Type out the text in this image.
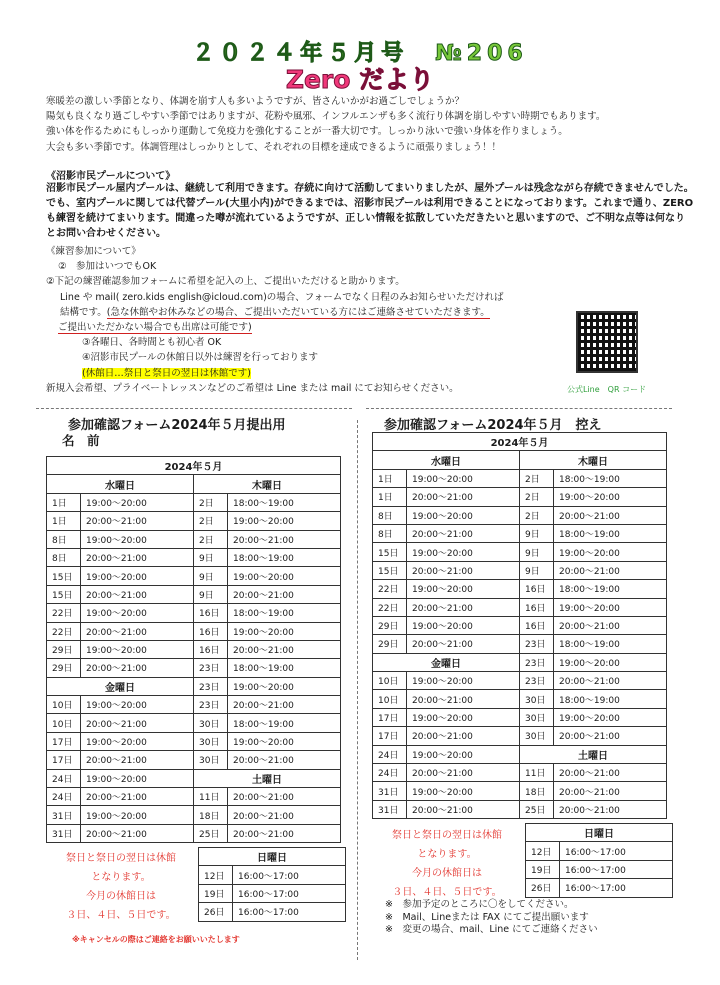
２０２４年５月号　№206
Zero だより
寒暖差の激しい季節となり、体調を崩す人も多いようですが、皆さんいかがお過ごしでしょうか？
陽気も良くなり過ごしやすい季節ではありますが、花粉や風邪、インフルエンザも多く流行り体調を崩しやすい時期でもあります。
強い体を作るためにもしっかり運動して免疫力を強化することが一番大切です。しっかり泳いで強い身体を作りましょう。
大会も多い季節です。体調管理はしっかりとして、それぞれの目標を達成できるように頑張りましょう！！
《沼影市民プールについて》
沼影市民プール屋内プールは、継続して利用できます。存続に向けて活動してまいりましたが、屋外プールは残念ながら存続できませんでした。でも、室内プールに関しては代替プール(大里小内)ができるまでは、沼影市民プールは利用できることになっております。これまで通り、ZERO も練習を続けてまいります。間違った噂が流れているようですが、正しい情報を拡散していただきたいと思いますので、ご不明な点等は何なりとお問い合わせください。
《練習参加について》
②　参加はいつでもOK
②下記の練習確認参加フォームに希望を記入の上、ご提出いただけると助かります。
Line や mail( zero.kids english@icloud.com)の場合、フォームでなく日程のみお知らせいただければ
結構です。(急な休館やお休みなどの場合、ご提出いただいている方にはご連絡させていただきます。
ご提出いただかない場合でも出席は可能です)
③各曜日、各時間とも初心者 OK
④沼影市民プールの休館日以外は練習を行っております
(休館日…祭日と祭日の翌日は休館です)
新規入会希望、プライベートレッスンなどのご希望は Line または mail にてお知らせください。	公式Line　QR コード
参加確認フォーム2024年５月提出用
名　前
2024年５月			
水曜日		木曜日	
1日	19:00～20:00	2日	18:00～19:00
1日	20:00～21:00	2日	19:00～20:00
8日	19:00～20:00	2日	20:00～21:00
8日	20:00～21:00	9日	18:00～19:00
15日	19:00～20:00	9日	19:00～20:00
15日	20:00～21:00	9日	20:00～21:00
22日	19:00～20:00	16日	18:00～19:00
22日	20:00～21:00	16日	19:00～20:00
29日	19:00～20:00	16日	20:00～21:00
29日	20:00～21:00	23日	18:00～19:00
金曜日		23日	19:00～20:00
10日	19:00～20:00	23日	20:00～21:00
10日	20:00～21:00	30日	18:00～19:00
17日	19:00～20:00	30日	19:00～20:00
17日	20:00～21:00	30日	20:00～21:00
24日	19:00～20:00	土曜日	
24日	20:00～21:00	11日	20:00～21:00
31日	19:00～20:00	18日	20:00～21:00
31日	20:00～21:00	25日	20:00～21:00
日曜日	
12日	16:00～17:00
19日	16:00～17:00
26日	16:00～17:00
祭日と祭日の翌日は休館
となります。
今月の休館日は
３日、４日、５日です。
※キャンセルの際はご連絡をお願いいたします
参加確認フォーム2024年５月　控え
2024年５月			
水曜日		木曜日	
1日	19:00～20:00	2日	18:00～19:00
1日	20:00～21:00	2日	19:00～20:00
8日	19:00～20:00	2日	20:00～21:00
8日	20:00～21:00	9日	18:00～19:00
15日	19:00～20:00	9日	19:00～20:00
15日	20:00～21:00	9日	20:00～21:00
22日	19:00～20:00	16日	18:00～19:00
22日	20:00～21:00	16日	19:00～20:00
29日	19:00～20:00	16日	20:00～21:00
29日	20:00～21:00	23日	18:00～19:00
金曜日		23日	19:00～20:00
10日	19:00～20:00	23日	20:00～21:00
10日	20:00～21:00	30日	18:00～19:00
17日	19:00～20:00	30日	19:00～20:00
17日	20:00～21:00	30日	20:00～21:00
24日	19:00～20:00	土曜日	
24日	20:00～21:00	11日	20:00～21:00
31日	19:00～20:00	18日	20:00～21:00
31日	20:00～21:00	25日	20:00～21:00
日曜日	
12日	16:00～17:00
19日	16:00～17:00
26日	16:00～17:00
祭日と祭日の翌日は休館
となります。
今月の休館日は
３日、４日、５日です。
※　参加予定のところに〇をしてください。
※　Mail、Lineまたは FAX にてご提出願います
※　変更の場合、mail、Line にてご連絡ください
